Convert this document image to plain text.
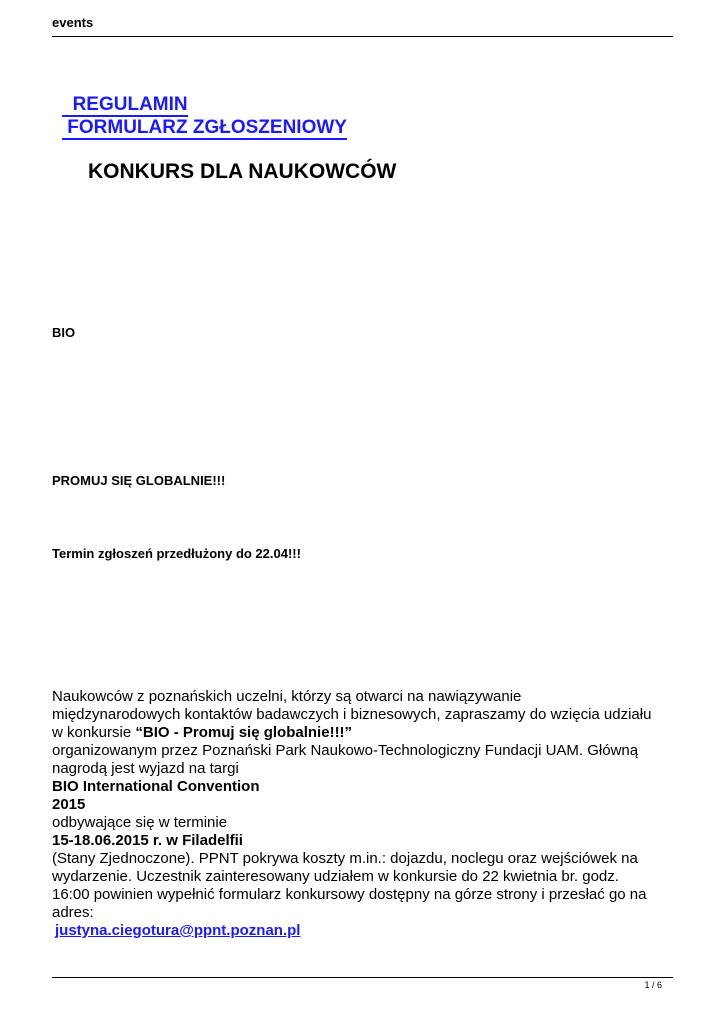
events
REGULAMIN
FORMULARZ ZGŁOSZENIOWY
KONKURS DLA NAUKOWCÓW
BIO
PROMUJ SIĘ GLOBALNIE!!!
Termin zgłoszeń przedłużony do 22.04!!!
Naukowców z poznańskich uczelni, którzy są otwarci na nawiązywanie międzynarodowych kontaktów badawczych i biznesowych, zapraszamy do wzięcia udziału w konkursie “BIO - Promuj się globalnie!!!”
organizowanym przez Poznański Park Naukowo-Technologiczny Fundacji UAM. Główną nagrodą jest wyjazd na targi
BIO International Convention
2015
odbywające się w terminie
15-18.06.2015 r. w Filadelfii
(Stany Zjednoczone). PPNT pokrywa koszty m.in.: dojazdu, noclegu oraz wejściówek na wydarzenie. Uczestnik zainteresowany udziałem w konkursie do 22 kwietnia br. godz. 16:00 powinien wypełnić formularz konkursowy dostępny na górze strony i przesłać go na adres:
justyna.ciegotura@ppnt.poznan.pl
1 / 6
